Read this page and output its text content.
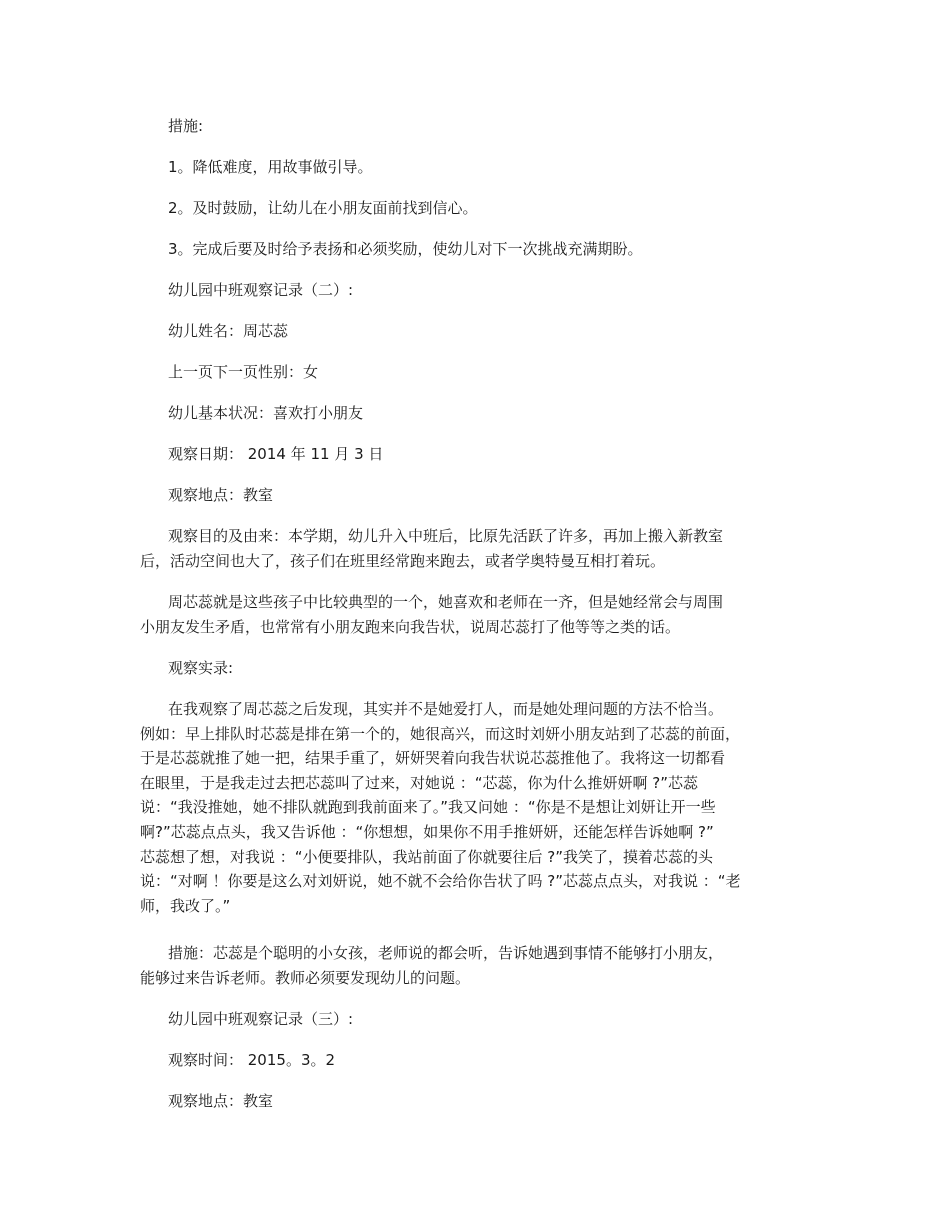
措施:

1。降低难度，用故事做引导。

2。及时鼓励，让幼儿在小朋友面前找到信心。

3。完成后要及时给予表扬和必须奖励，使幼儿对下一次挑战充满期盼。

幼儿园中班观察记录（二）:

幼儿姓名：周芯蕊

上一页下一页性别：女

幼儿基本状况：喜欢打小朋友

观察日期： 2014 年 11 月 3 日

观察地点：教室

观察目的及由来：本学期，幼儿升入中班后，比原先活跃了许多，再加上搬入新教室
后，活动空间也大了，孩子们在班里经常跑来跑去，或者学奥特曼互相打着玩。

周芯蕊就是这些孩子中比较典型的一个，她喜欢和老师在一齐，但是她经常会与周围
小朋友发生矛盾，也常常有小朋友跑来向我告状，说周芯蕊打了他等等之类的话。

观察实录:

在我观察了周芯蕊之后发现，其实并不是她爱打人，而是她处理问题的方法不恰当。
例如：早上排队时芯蕊是排在第一个的，她很高兴，而这时刘妍小朋友站到了芯蕊的前面，
于是芯蕊就推了她一把，结果手重了，妍妍哭着向我告状说芯蕊推他了。我将这一切都看
在眼里，于是我走过去把芯蕊叫了过来，对她说 ：“芯蕊，你为什么推妍妍啊 ?”芯蕊
说：“我没推她，她不排队就跑到我前面来了。”我又问她 ：“你是不是想让刘妍让开一些
啊?”芯蕊点点头，我又告诉他 ：“你想想，如果你不用手推妍妍，还能怎样告诉她啊 ?”
芯蕊想了想，对我说 ：“小便要排队，我站前面了你就要往后 ?”我笑了，摸着芯蕊的头
说：“对啊 ！你要是这么对刘妍说，她不就不会给你告状了吗 ?”芯蕊点点头，对我说 ：“老
师，我改了。”

措施：芯蕊是个聪明的小女孩，老师说的都会听，告诉她遇到事情不能够打小朋友，
能够过来告诉老师。教师必须要发现幼儿的问题。

幼儿园中班观察记录（三）:

观察时间： 2015。3。2

观察地点：教室
